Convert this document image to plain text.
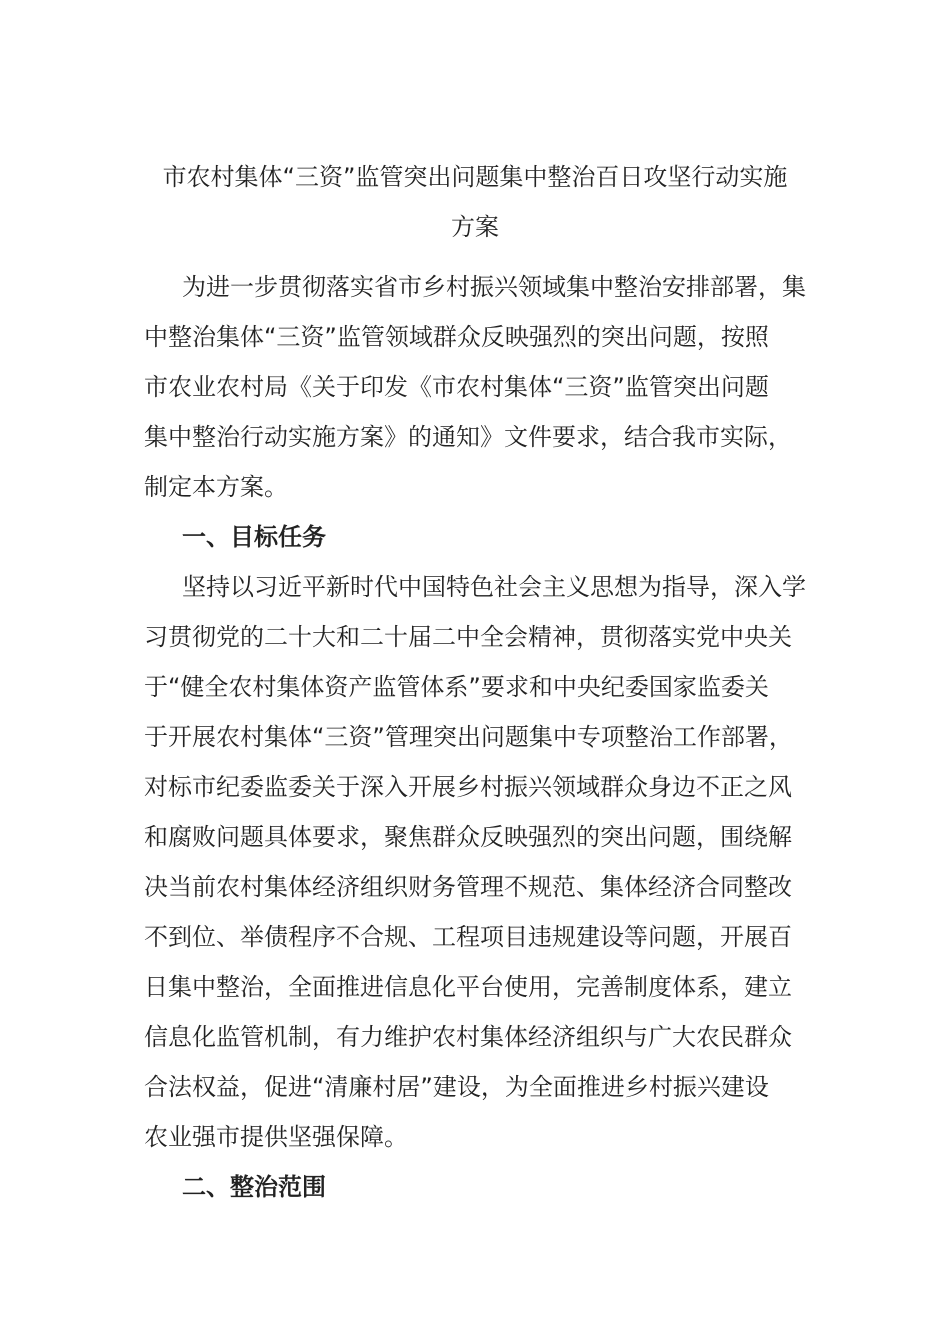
市农村集体“三资”监管突出问题集中整治百日攻坚行动实施
方案
为进一步贯彻落实省市乡村振兴领域集中整治安排部署，集
中整治集体“三资”监管领域群众反映强烈的突出问题，按照
市农业农村局《关于印发《市农村集体“三资”监管突出问题
集中整治行动实施方案》的通知》文件要求，结合我市实际，
制定本方案。
一、目标任务
坚持以习近平新时代中国特色社会主义思想为指导，深入学
习贯彻党的二十大和二十届二中全会精神，贯彻落实党中央关
于“健全农村集体资产监管体系”要求和中央纪委国家监委关
于开展农村集体“三资”管理突出问题集中专项整治工作部署，
对标市纪委监委关于深入开展乡村振兴领域群众身边不正之风
和腐败问题具体要求，聚焦群众反映强烈的突出问题，围绕解
决当前农村集体经济组织财务管理不规范、集体经济合同整改
不到位、举债程序不合规、工程项目违规建设等问题，开展百
日集中整治，全面推进信息化平台使用，完善制度体系，建立
信息化监管机制，有力维护农村集体经济组织与广大农民群众
合法权益，促进“清廉村居”建设，为全面推进乡村振兴建设
农业强市提供坚强保障。
二、整治范围
